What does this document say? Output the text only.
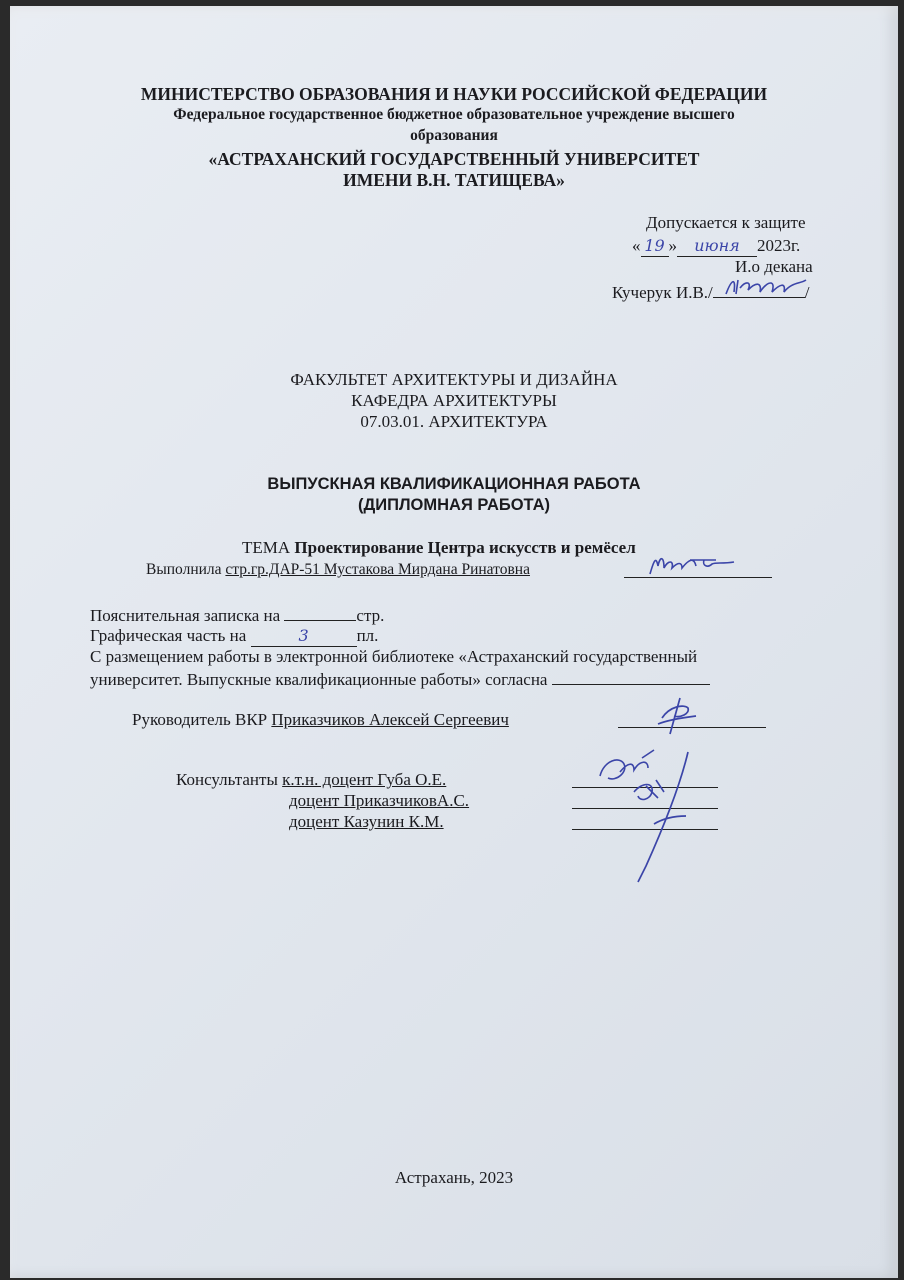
МИНИСТЕРСТВО ОБРАЗОВАНИЯ И НАУКИ РОССИЙСКОЙ ФЕДЕРАЦИИ
Федеральное государственное бюджетное образовательное учреждение высшего
образования
«АСТРАХАНСКИЙ ГОСУДАРСТВЕННЫЙ УНИВЕРСИТЕТ
ИМЕНИ В.Н. ТАТИЩЕВА»
Допускается к защите
« 19 » июня 2023г.
И.о декана
Кучерук И.В./	/
ФАКУЛЬТЕТ АРХИТЕКТУРЫ И ДИЗАЙНА
КАФЕДРА АРХИТЕКТУРЫ
07.03.01. АРХИТЕКТУРА
ВЫПУСКНАЯ КВАЛИФИКАЦИОННАЯ РАБОТА
(ДИПЛОМНАЯ РАБОТА)
ТЕМА Проектирование Центра искусств и ремёсел
Выполнила стр.гр.ДАР-51 Мустакова Мирдана Ринатовна
Пояснительная записка на	стр.
Графическая часть на	3	пл.
С размещением работы в электронной библиотеке «Астраханский государственный
университет. Выпускные квалификационные работы» согласна
Руководитель ВКР Приказчиков Алексей Сергеевич
Консультанты к.т.н. доцент Губа О.Е.
доцент ПриказчиковА.С.
доцент Казунин К.М.
Астрахань, 2023
